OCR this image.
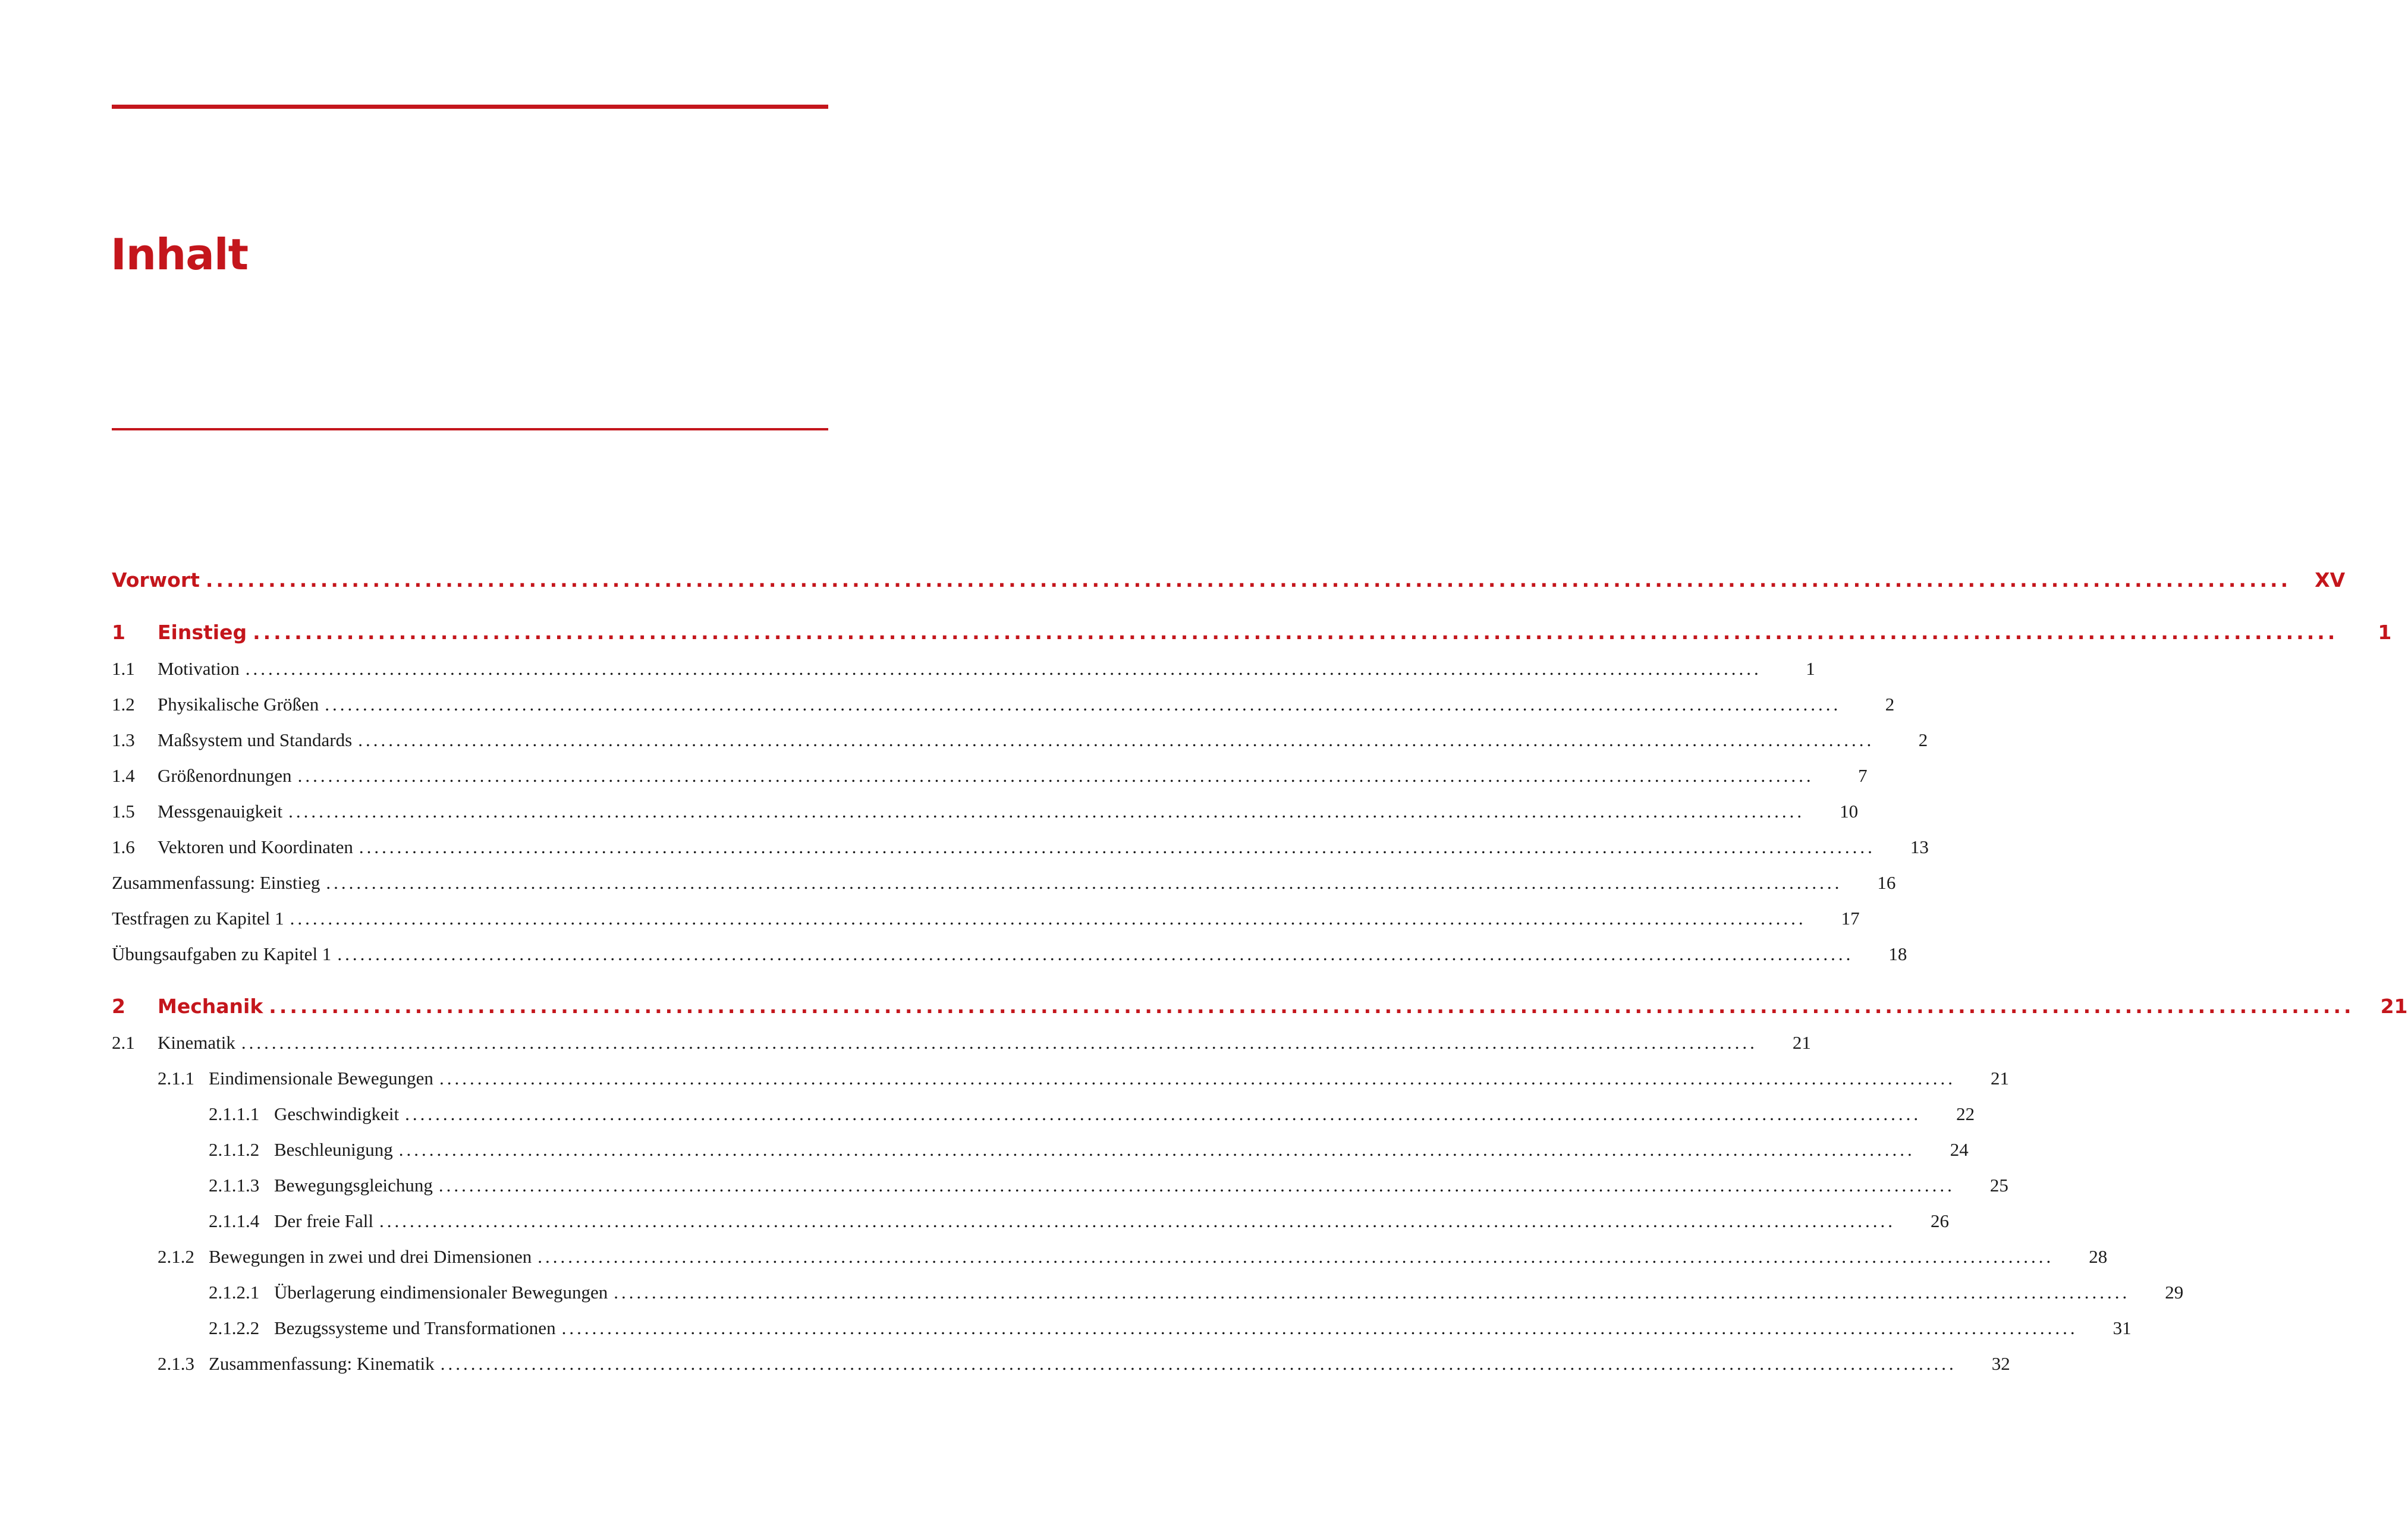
Inhalt
Vorwort ........................................................................................................................................................................................................ XV
1	Einstieg ........................................................................................................................................................................................................	1
1.1	Motivation ........................................................................................................................................................................................................	1
1.2	Physikalische Größen ........................................................................................................................................................................................................	2
1.3	Maßsystem und Standards ........................................................................................................................................................................................................	2
1.4	Größenordnungen ........................................................................................................................................................................................................	7
1.5	Messgenauigkeit ........................................................................................................................................................................................................	10
1.6	Vektoren und Koordinaten ........................................................................................................................................................................................................	13
Zusammenfassung: Einstieg ........................................................................................................................................................................................................	16
Testfragen zu Kapitel 1 ........................................................................................................................................................................................................	17
Übungsaufgaben zu Kapitel 1 ........................................................................................................................................................................................................	18
2	Mechanik ........................................................................................................................................................................................................ 21
2.1	Kinematik ........................................................................................................................................................................................................	21
2.1.1 Eindimensionale Bewegungen ........................................................................................................................................................................................................	21
2.1.1.1 Geschwindigkeit ........................................................................................................................................................................................................	22
2.1.1.2 Beschleunigung ........................................................................................................................................................................................................	24
2.1.1.3 Bewegungsgleichung ........................................................................................................................................................................................................	25
2.1.1.4 Der freie Fall ........................................................................................................................................................................................................	26
2.1.2 Bewegungen in zwei und drei Dimensionen ........................................................................................................................................................................................................	28
2.1.2.1 Überlagerung eindimensionaler Bewegungen ........................................................................................................................................................................................................	29
2.1.2.2 Bezugssysteme und Transformationen ........................................................................................................................................................................................................	31
2.1.3 Zusammenfassung: Kinematik ........................................................................................................................................................................................................	32
